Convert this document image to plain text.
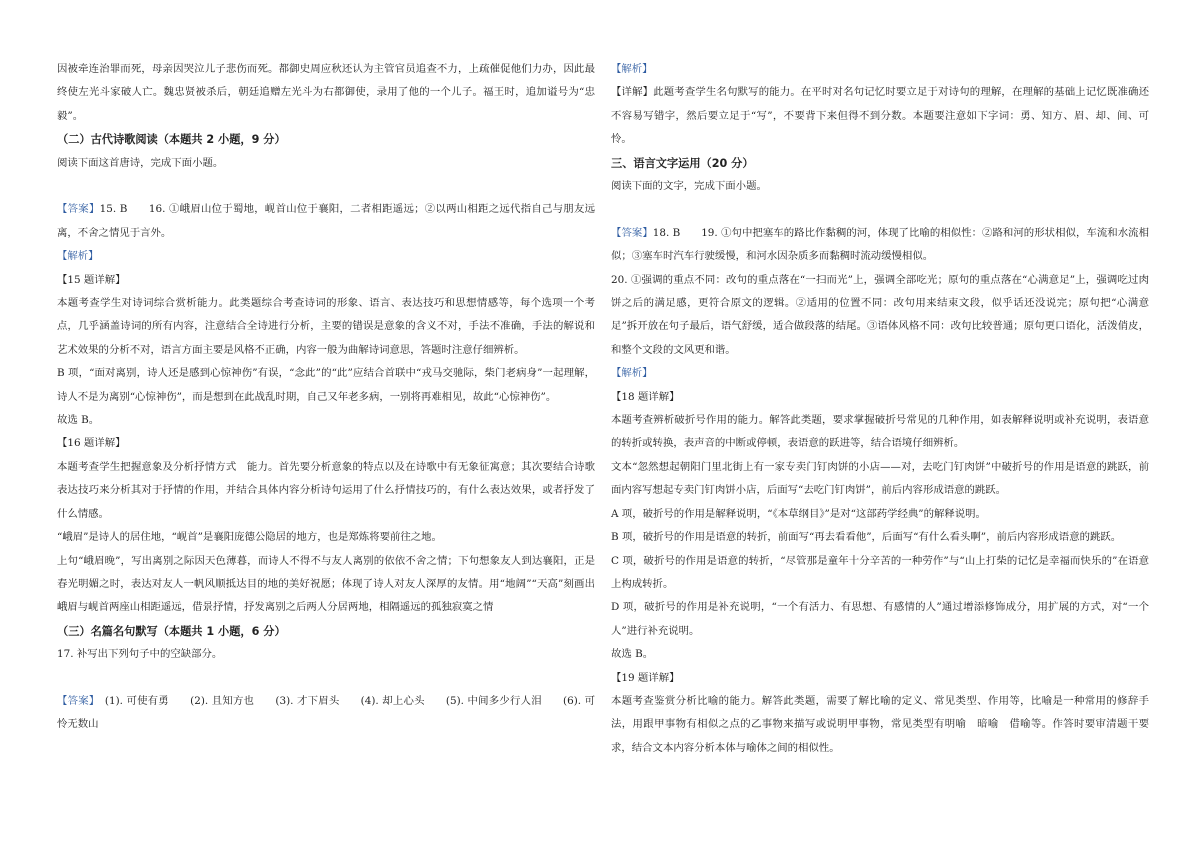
因被牵连治罪而死，母亲因哭泣儿子悲伤而死。都御史周应秋还认为主管官员追查不力，上疏催促他们力办，因此最终使左光斗家破人亡。魏忠贤被杀后，朝廷追赠左光斗为右都御使，录用了他的一个儿子。福王时，追加谥号为“忠毅”。

（二）古代诗歌阅读（本题共 2 小题，9 分）

阅读下面这首唐诗，完成下面小题。

【答案】15. B　　16. ①峨眉山位于蜀地，岘首山位于襄阳，二者相距遥远；②以两山相距之远代指自己与朋友远离，不舍之情见于言外。

【解析】

【15 题详解】

本题考查学生对诗词综合赏析能力。此类题综合考查诗词的形象、语言、表达技巧和思想情感等，每个选项一个考点，几乎涵盖诗词的所有内容，注意结合全诗进行分析，主要的错误是意象的含义不对，手法不准确，手法的解说和艺术效果的分析不对，语言方面主要是风格不正确，内容一般为曲解诗词意思，答题时注意仔细辨析。

B 项，“面对离别，诗人还是感到心惊神伤”有误，“念此”的“此”应结合首联中“戎马交驰际，柴门老病身”一起理解，诗人不是为离别“心惊神伤”，而是想到在此战乱时期，自己又年老多病，一别将再难相见，故此“心惊神伤”。

故选 B。

【16 题详解】

本题考查学生把握意象及分析抒情方式　能力。首先要分析意象的特点以及在诗歌中有无象征寓意；其次要结合诗歌表达技巧来分析其对于抒情的作用，并结合具体内容分析诗句运用了什么抒情技巧的，有什么表达效果，或者抒发了什么情感。

“峨眉”是诗人的居住地，“岘首”是襄阳庞德公隐居的地方，也是郑炼将要前往之地。

上句“峨眉晚”，写出离别之际因天色薄暮，而诗人不得不与友人离别的依依不舍之情；下句想象友人到达襄阳，正是春光明媚之时，表达对友人一帆风顺抵达目的地的美好祝愿；体现了诗人对友人深厚的友情。用“地阔”“天高”刻画出峨眉与岘首两座山相距遥远，借景抒情，抒发离别之后两人分居两地，相隔遥远的孤独寂寞之情

（三）名篇名句默写（本题共 1 小题，6 分）

17. 补写出下列句子中的空缺部分。

【答案】　(1). 可使有勇　　(2). 且知方也　　(3). 才下眉头　　(4). 却上心头　　(5). 中间多少行人泪　　(6). 可怜无数山

【解析】

【详解】此题考查学生名句默写的能力。在平时对名句记忆时要立足于对诗句的理解，在理解的基础上记忆既准确还不容易写错字，然后要立足于“写”，不要背下来但得不到分数。本题要注意如下字词：勇、知方、眉、却、间、可怜。

三、语言文字运用（20 分）

阅读下面的文字，完成下面小题。

【答案】18. B　　19. ①句中把塞车的路比作黏稠的河，体现了比喻的相似性：②路和河的形状相似，车流和水流相似；③塞车时汽车行驶缓慢，和河水因杂质多而黏稠时流动缓慢相似。

20. ①强调的重点不同：改句的重点落在“一扫而光”上，强调全部吃光；原句的重点落在“心满意足”上，强调吃过肉饼之后的满足感，更符合原文的逻辑。②适用的位置不同：改句用来结束文段，似乎话还没说完；原句把“心满意足”拆开放在句子最后，语气舒缓，适合做段落的结尾。③语体风格不同：改句比较普通；原句更口语化，活泼俏皮，和整个文段的文风更和谐。

【解析】

【18 题详解】

本题考查辨析破折号作用的能力。解答此类题，要求掌握破折号常见的几种作用，如表解释说明或补充说明，表语意的转折或转换，表声音的中断或停顿，表语意的跃进等，结合语境仔细辨析。

文本“忽然想起朝阳门里北街上有一家专卖门钉肉饼的小店——对，去吃门钉肉饼”中破折号的作用是语意的跳跃，前面内容写想起专卖门钉肉饼小店，后面写“去吃门钉肉饼”，前后内容形成语意的跳跃。

A 项，破折号的作用是解释说明，“《本草纲目》”是对“这部药学经典”的解释说明。

B 项，破折号的作用是语意的转折，前面写“再去看看他”，后面写“有什么看头啊”，前后内容形成语意的跳跃。

C 项，破折号的作用是语意的转折，“尽管那是童年十分辛苦的一种劳作”与“山上打柴的记忆是幸福而快乐的”在语意上构成转折。

D 项，破折号的作用是补充说明，“一个有活力、有思想、有感情的人”通过增添修饰成分，用扩展的方式，对“一个人”进行补充说明。

故选 B。

【19 题详解】

本题考查鉴赏分析比喻的能力。解答此类题，需要了解比喻的定义、常见类型、作用等，比喻是一种常用的修辞手法，用跟甲事物有相似之点的乙事物来描写或说明甲事物，常见类型有明喻　暗喻　借喻等。作答时要审清题干要求，结合文本内容分析本体与喻体之间的相似性。
